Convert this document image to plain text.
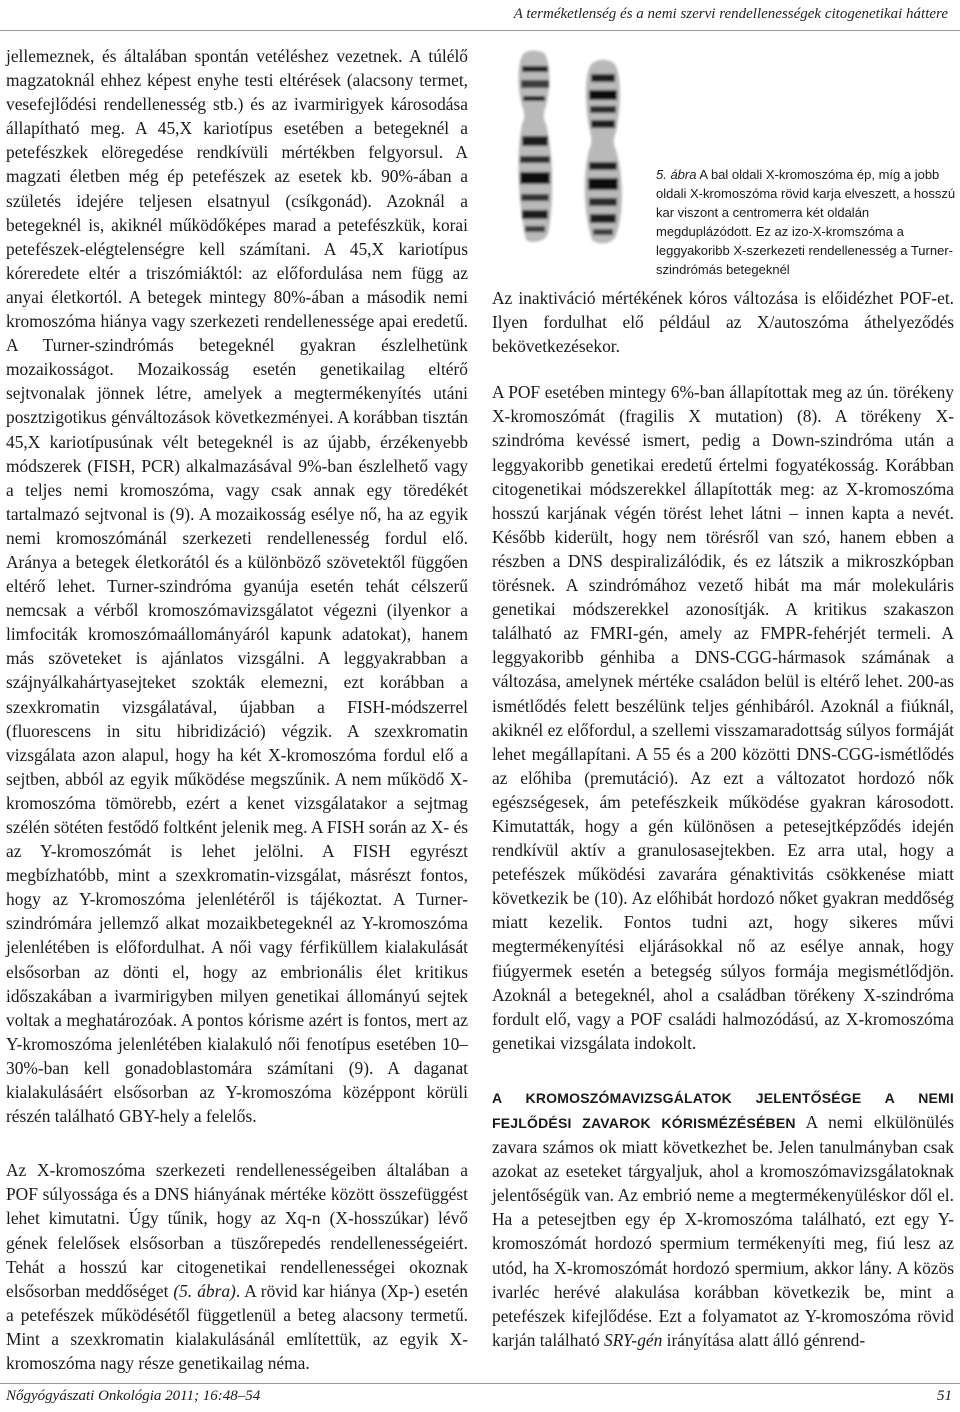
A terméketlenség és a nemi szervi rendellenességek citogenetikai háttere

jellemeznek, és általában spontán vetéléshez vezetnek. A túlélő magzatoknál ehhez képest enyhe testi eltérések (alacsony termet, vesefejlődési rendellenesség stb.) és az ivarmirigyek károsodása állapítható meg. A 45,X kariotípus esetében a betegeknél a petefészkek elöregedése rendkívüli mértékben felgyorsul. A magzati életben még ép petefészek az esetek kb. 90%-ában a születés idejére teljesen elsatnyul (csíkgonád). Azoknál a betegeknél is, akiknél működőképes marad a petefészkük, korai petefészek-elégtelenségre kell számítani. A 45,X kariotípus kóreredete eltér a triszómiáktól: az előfordulása nem függ az anyai életkortól. A betegek mintegy 80%-ában a második nemi kromoszóma hiánya vagy szerkezeti rendellenessége apai eredetű. A Turner-szindrómás betegeknél gyakran észlelhetünk mozaikosságot. Mozaikosság esetén genetikailag eltérő sejtvonalak jönnek létre, amelyek a megtermékenyítés utáni posztzigotikus génváltozások következményei. A korábban tisztán 45,X kariotípusúnak vélt betegeknél is az újabb, érzékenyebb módszerek (FISH, PCR) alkalmazásával 9%-ban észlelhető vagy a teljes nemi kromoszóma, vagy csak annak egy töredékét tartalmazó sejtvonal is (9). A mozaikosság esélye nő, ha az egyik nemi kromoszómánál szerkezeti rendellenesség fordul elő. Aránya a betegek életkorától és a különböző szövetektől függően eltérő lehet. Turner-szindróma gyanúja esetén tehát célszerű nemcsak a vérből kromoszómavizsgálatot végezni (ilyenkor a limfociták kromoszómaállományáról kapunk adatokat), hanem más szöveteket is ajánlatos vizsgálni. A leggyakrabban a szájnyálkahártyasejteket szokták elemezni, ezt korábban a szexkromatin vizsgálatával, újabban a FISH-módszerrel (fluorescens in situ hibridizáció) végzik. A szexkromatin vizsgálata azon alapul, hogy ha két X-kromoszóma fordul elő a sejtben, abból az egyik működése megszűnik. A nem működő X-kromoszóma tömörebb, ezért a kenet vizsgálatakor a sejtmag szélén sötéten festődő foltként jelenik meg. A FISH során az X- és az Y-kromoszómát is lehet jelölni. A FISH egyrészt megbízhatóbb, mint a szexkromatin-vizsgálat, másrészt fontos, hogy az Y-kromoszóma jelenlétéről is tájékoztat. A Turner-szindrómára jellemző alkat mozaikbetegeknél az Y-kromoszóma jelenlétében is előfordulhat. A női vagy férfiküllem kialakulását elsősorban az dönti el, hogy az embrionális élet kritikus időszakában a ivarmirigyben milyen genetikai állományú sejtek voltak a meghatározóak. A pontos kórisme azért is fontos, mert az Y-kromoszóma jelenlétében kialakuló női fenotípus esetében 10–30%-ban kell gonadoblastomára számítani (9). A daganat kialakulásáért elsősorban az Y-kromoszóma középpont körüli részén található GBY-hely a felelős.

Az X-kromoszóma szerkezeti rendellenességeiben általában a POF súlyossága és a DNS hiányának mértéke között összefüggést lehet kimutatni. Úgy tűnik, hogy az Xq-n (X-hosszúkar) lévő gének felelősek elsősorban a tüszőrepedés rendellenességeiért. Tehát a hosszú kar citogenetikai rendellenességei okoznak elsősorban meddőséget (5. ábra). A rövid kar hiánya (Xp-) esetén a petefészek működésétől függetlenül a beteg alacsony termetű. Mint a szexkromatin kialakulásánál említettük, az egyik X-kromoszóma nagy része genetikailag néma.

5. ábra A bal oldali X-kromoszóma ép, míg a jobb oldali X-kromoszóma rövid karja elveszett, a hosszú kar viszont a centromerra két oldalán megduplázódott. Ez az izo-X-kromszóma a leggyakoribb X-szerkezeti rendellenesség a Turner-szindrómás betegeknél

Az inaktiváció mértékének kóros változása is előidézhet POF-et. Ilyen fordulhat elő például az X/autoszóma áthelyeződés bekövetkezésekor.

A POF esetében mintegy 6%-ban állapítottak meg az ún. törékeny X-kromoszómát (fragilis X mutation) (8). A törékeny X-szindróma kevéssé ismert, pedig a Down-szindróma után a leggyakoribb genetikai eredetű értelmi fogyatékosság. Korábban citogenetikai módszerekkel állapították meg: az X-kromoszóma hosszú karjának végén törést lehet látni – innen kapta a nevét. Később kiderült, hogy nem törésről van szó, hanem ebben a részben a DNS despiralizálódik, és ez látszik a mikroszkópban törésnek. A szindrómához vezető hibát ma már molekuláris genetikai módszerekkel azonosítják. A kritikus szakaszon található az FMRI-gén, amely az FMPR-fehérjét termeli. A leggyakoribb génhiba a DNS-CGG-hármasok számának a változása, amelynek mértéke családon belül is eltérő lehet. 200-as ismétlődés felett beszélünk teljes génhibáról. Azoknál a fiúknál, akiknél ez előfordul, a szellemi visszamaradottság súlyos formáját lehet megállapítani. A 55 és a 200 közötti DNS-CGG-ismétlődés az előhiba (premutáció). Az ezt a változatot hordozó nők egészségesek, ám petefészkeik működése gyakran károsodott. Kimutatták, hogy a gén különösen a petesejtképződés idején rendkívül aktív a granulosasejtekben. Ez arra utal, hogy a petefészek működési zavarára génaktivitás csökkenése miatt következik be (10). Az előhibát hordozó nőket gyakran meddőség miatt kezelik. Fontos tudni azt, hogy sikeres művi megtermékenyítési eljárásokkal nő az esélye annak, hogy fiúgyermek esetén a betegség súlyos formája megismétlődjön. Azoknál a betegeknél, ahol a családban törékeny X-szindróma fordult elő, vagy a POF családi halmozódású, az X-kromoszóma genetikai vizsgálata indokolt.

A KROMOSZÓMAVIZSGÁLATOK JELENTŐSÉGE A NEMI FEJLŐDÉSI ZAVAROK KÓRISMÉZÉSÉBEN A nemi elkülönülés zavara számos ok miatt következhet be. Jelen tanulmányban csak azokat az eseteket tárgyaljuk, ahol a kromoszómavizsgálatoknak jelentőségük van. Az embrió neme a megtermékenyüléskor dől el. Ha a petesejtben egy ép X-kromoszóma található, ezt egy Y-kromoszómát hordozó spermium termékenyíti meg, fiú lesz az utód, ha X-kromoszómát hordozó spermium, akkor lány. A közös ivarléc herévé alakulása korábban következik be, mint a petefészek kifejlődése. Ezt a folyamatot az Y-kromoszóma rövid karján található SRY-gén irányítása alatt álló génrend-

Nőgyógyászati Onkológia 2011; 16:48–54	51
